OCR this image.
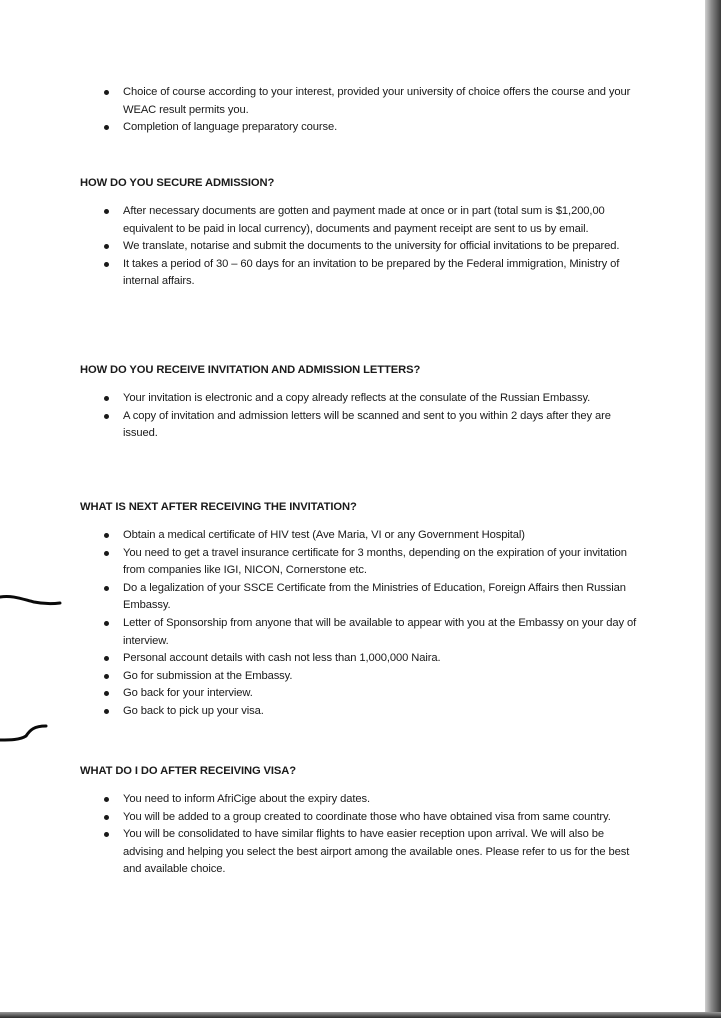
Choice of course according to your interest, provided your university of choice offers the course and your WEAC result permits you.
Completion of language preparatory course.

HOW DO YOU SECURE ADMISSION?

After necessary documents are gotten and payment made at once or in part (total sum is $1,200,00 equivalent to be paid in local currency), documents and payment receipt are sent to us by email.
We translate, notarise and submit the documents to the university for official invitations to be prepared.
It takes a period of 30 – 60 days for an invitation to be prepared by the Federal immigration, Ministry of internal affairs.

HOW DO YOU RECEIVE INVITATION AND ADMISSION LETTERS?

Your invitation is electronic and a copy already reflects at the consulate of the Russian Embassy.
A copy of invitation and admission letters will be scanned and sent to you within 2 days after they are issued.

WHAT IS NEXT AFTER RECEIVING THE INVITATION?

Obtain a medical certificate of HIV test (Ave Maria, VI or any Government Hospital)
You need to get a travel insurance certificate for 3 months, depending on the expiration of your invitation from companies like IGI, NICON, Cornerstone etc.
Do a legalization of your SSCE Certificate from the Ministries of Education, Foreign Affairs then Russian Embassy.
Letter of Sponsorship from anyone that will be available to appear with you at the Embassy on your day of interview.
Personal account details with cash not less than 1,000,000 Naira.
Go for submission at the Embassy.
Go back for your interview.
Go back to pick up your visa.

WHAT DO I DO AFTER RECEIVING VISA?

You need to inform AfriCige about the expiry dates.
You will be added to a group created to coordinate those who have obtained visa from same country.
You will be consolidated to have similar flights to have easier reception upon arrival. We will also be advising and helping you select the best airport among the available ones. Please refer to us for the best and available choice.
